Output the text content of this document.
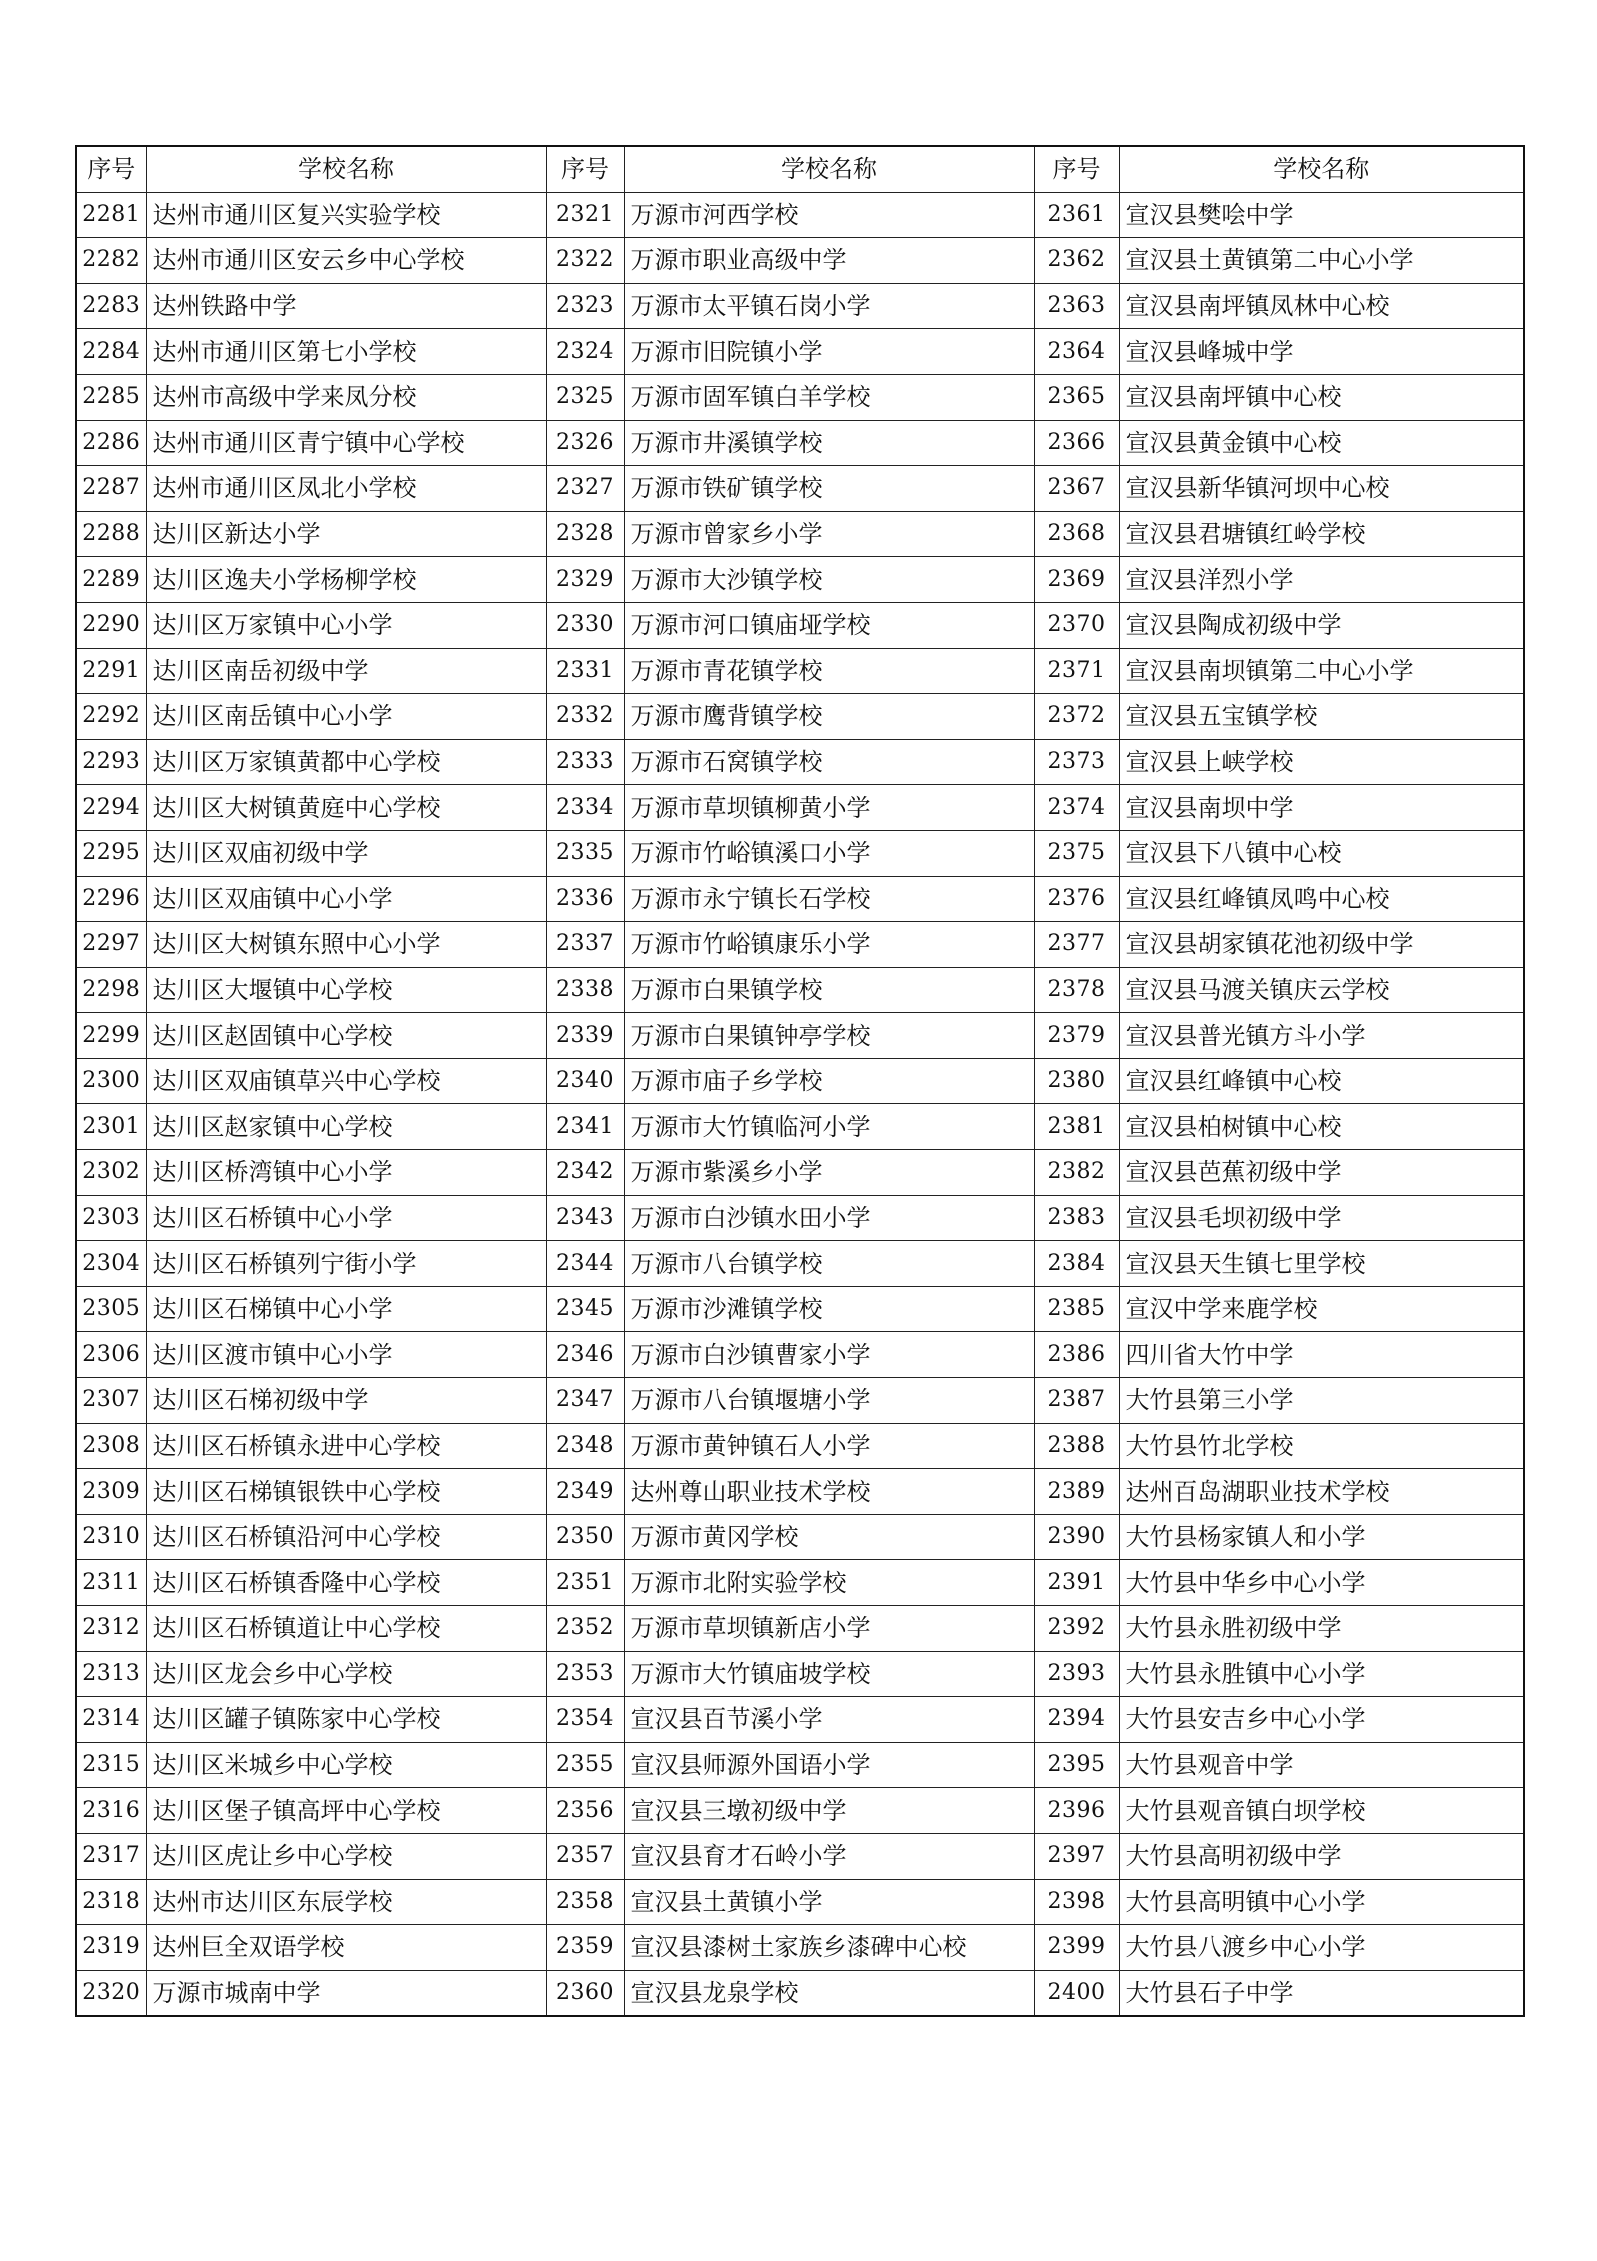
序号	学校名称	序号	学校名称	序号	学校名称
2281	达州市通川区复兴实验学校	2321	万源市河西学校	2361	宣汉县樊哙中学
2282	达州市通川区安云乡中心学校	2322	万源市职业高级中学	2362	宣汉县土黄镇第二中心小学
2283	达州铁路中学	2323	万源市太平镇石岗小学	2363	宣汉县南坪镇凤林中心校
2284	达州市通川区第七小学校	2324	万源市旧院镇小学	2364	宣汉县峰城中学
2285	达州市高级中学来凤分校	2325	万源市固军镇白羊学校	2365	宣汉县南坪镇中心校
2286	达州市通川区青宁镇中心学校	2326	万源市井溪镇学校	2366	宣汉县黄金镇中心校
2287	达州市通川区凤北小学校	2327	万源市铁矿镇学校	2367	宣汉县新华镇河坝中心校
2288	达川区新达小学	2328	万源市曾家乡小学	2368	宣汉县君塘镇红岭学校
2289	达川区逸夫小学杨柳学校	2329	万源市大沙镇学校	2369	宣汉县洋烈小学
2290	达川区万家镇中心小学	2330	万源市河口镇庙垭学校	2370	宣汉县陶成初级中学
2291	达川区南岳初级中学	2331	万源市青花镇学校	2371	宣汉县南坝镇第二中心小学
2292	达川区南岳镇中心小学	2332	万源市鹰背镇学校	2372	宣汉县五宝镇学校
2293	达川区万家镇黄都中心学校	2333	万源市石窝镇学校	2373	宣汉县上峡学校
2294	达川区大树镇黄庭中心学校	2334	万源市草坝镇柳黄小学	2374	宣汉县南坝中学
2295	达川区双庙初级中学	2335	万源市竹峪镇溪口小学	2375	宣汉县下八镇中心校
2296	达川区双庙镇中心小学	2336	万源市永宁镇长石学校	2376	宣汉县红峰镇凤鸣中心校
2297	达川区大树镇东照中心小学	2337	万源市竹峪镇康乐小学	2377	宣汉县胡家镇花池初级中学
2298	达川区大堰镇中心学校	2338	万源市白果镇学校	2378	宣汉县马渡关镇庆云学校
2299	达川区赵固镇中心学校	2339	万源市白果镇钟亭学校	2379	宣汉县普光镇方斗小学
2300	达川区双庙镇草兴中心学校	2340	万源市庙子乡学校	2380	宣汉县红峰镇中心校
2301	达川区赵家镇中心学校	2341	万源市大竹镇临河小学	2381	宣汉县柏树镇中心校
2302	达川区桥湾镇中心小学	2342	万源市紫溪乡小学	2382	宣汉县芭蕉初级中学
2303	达川区石桥镇中心小学	2343	万源市白沙镇水田小学	2383	宣汉县毛坝初级中学
2304	达川区石桥镇列宁街小学	2344	万源市八台镇学校	2384	宣汉县天生镇七里学校
2305	达川区石梯镇中心小学	2345	万源市沙滩镇学校	2385	宣汉中学来鹿学校
2306	达川区渡市镇中心小学	2346	万源市白沙镇曹家小学	2386	四川省大竹中学
2307	达川区石梯初级中学	2347	万源市八台镇堰塘小学	2387	大竹县第三小学
2308	达川区石桥镇永进中心学校	2348	万源市黄钟镇石人小学	2388	大竹县竹北学校
2309	达川区石梯镇银铁中心学校	2349	达州尊山职业技术学校	2389	达州百岛湖职业技术学校
2310	达川区石桥镇沿河中心学校	2350	万源市黄冈学校	2390	大竹县杨家镇人和小学
2311	达川区石桥镇香隆中心学校	2351	万源市北附实验学校	2391	大竹县中华乡中心小学
2312	达川区石桥镇道让中心学校	2352	万源市草坝镇新店小学	2392	大竹县永胜初级中学
2313	达川区龙会乡中心学校	2353	万源市大竹镇庙坡学校	2393	大竹县永胜镇中心小学
2314	达川区罐子镇陈家中心学校	2354	宣汉县百节溪小学	2394	大竹县安吉乡中心小学
2315	达川区米城乡中心学校	2355	宣汉县师源外国语小学	2395	大竹县观音中学
2316	达川区堡子镇高坪中心学校	2356	宣汉县三墩初级中学	2396	大竹县观音镇白坝学校
2317	达川区虎让乡中心学校	2357	宣汉县育才石岭小学	2397	大竹县高明初级中学
2318	达州市达川区东辰学校	2358	宣汉县土黄镇小学	2398	大竹县高明镇中心小学
2319	达州巨全双语学校	2359	宣汉县漆树土家族乡漆碑中心校	2399	大竹县八渡乡中心小学
2320	万源市城南中学	2360	宣汉县龙泉学校	2400	大竹县石子中学
